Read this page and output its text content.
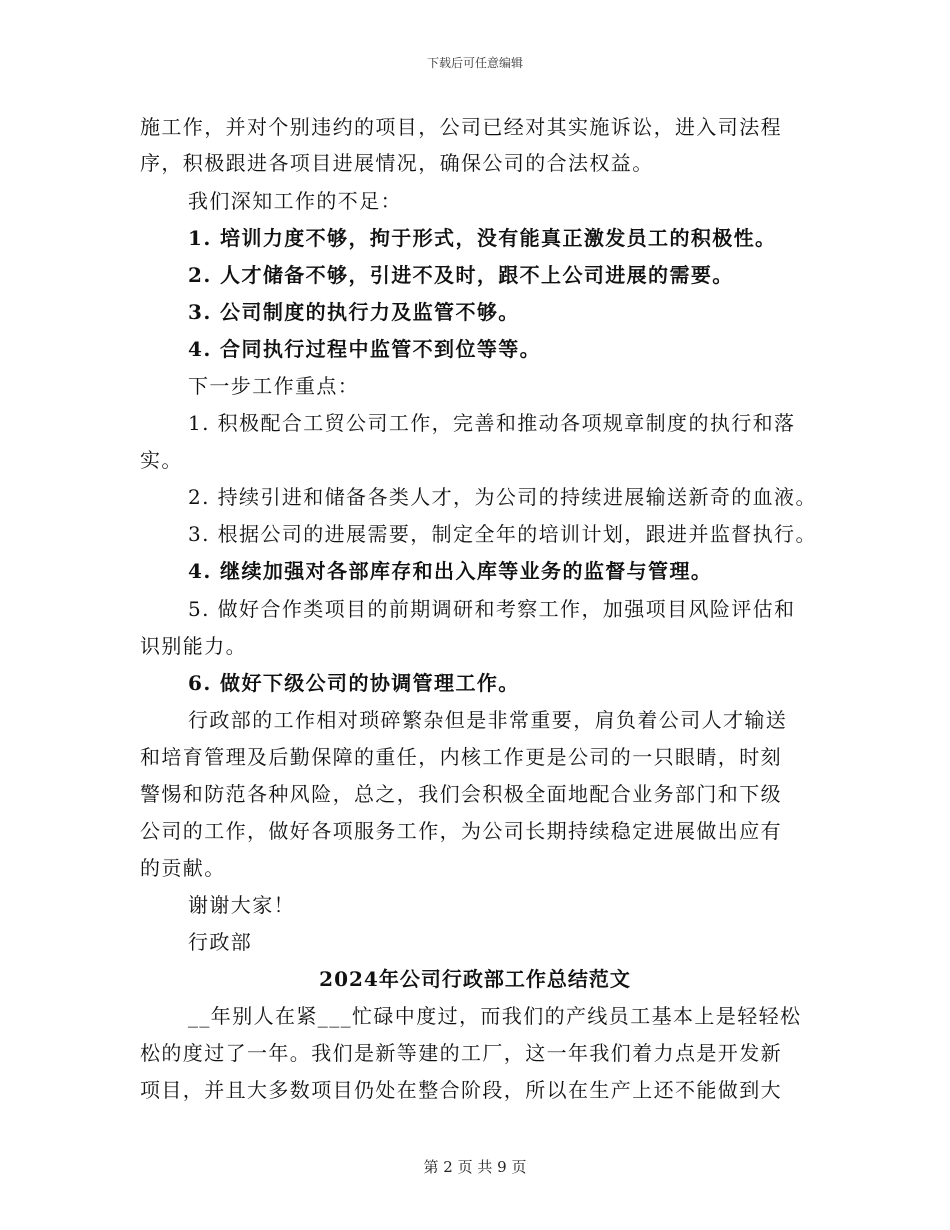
下载后可任意编辑
施工作，并对个别违约的项目，公司已经对其实施诉讼，进入司法程
序，积极跟进各项目进展情况，确保公司的合法权益。
我们深知工作的不足：
1. 培训力度不够，拘于形式，没有能真正激发员工的积极性。
2. 人才储备不够，引进不及时，跟不上公司进展的需要。
3. 公司制度的执行力及监管不够。
4. 合同执行过程中监管不到位等等。
下一步工作重点：
1. 积极配合工贸公司工作，完善和推动各项规章制度的执行和落
实。
2. 持续引进和储备各类人才，为公司的持续进展输送新奇的血液。
3. 根据公司的进展需要，制定全年的培训计划，跟进并监督执行。
4. 继续加强对各部库存和出入库等业务的监督与管理。
5. 做好合作类项目的前期调研和考察工作，加强项目风险评估和
识别能力。
6. 做好下级公司的协调管理工作。
行政部的工作相对琐碎繁杂但是非常重要，肩负着公司人才输送
和培育管理及后勤保障的重任，内核工作更是公司的一只眼睛，时刻
警惕和防范各种风险，总之，我们会积极全面地配合业务部门和下级
公司的工作，做好各项服务工作，为公司长期持续稳定进展做出应有
的贡献。
谢谢大家！
行政部
2024年公司行政部工作总结范文
__年别人在紧___忙碌中度过，而我们的产线员工基本上是轻轻松
松的度过了一年。我们是新等建的工厂，这一年我们着力点是开发新
项目，并且大多数项目仍处在整合阶段，所以在生产上还不能做到大
第 2 页 共 9 页
